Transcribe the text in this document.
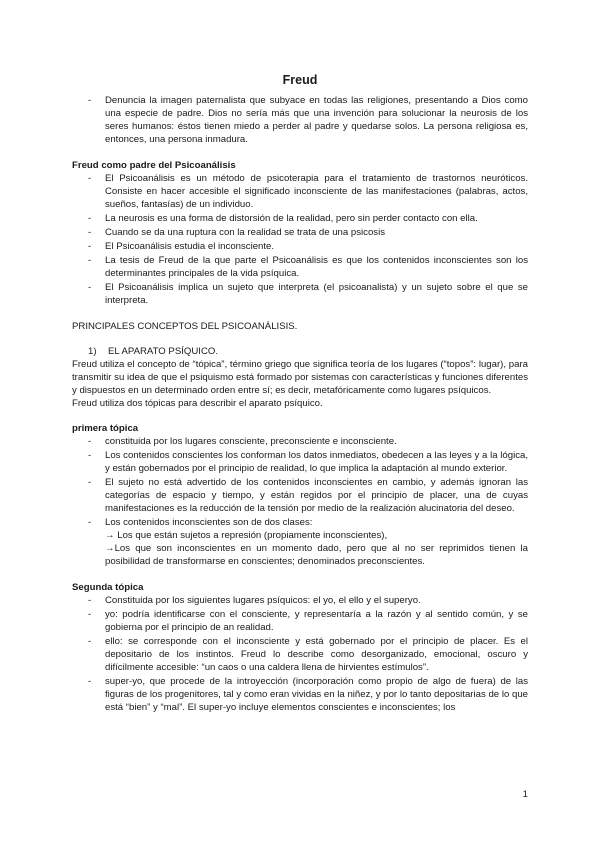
Freud
- Denuncia la imagen paternalista que subyace en todas las religiones, presentando a Dios como una especie de padre. Dios no sería más que una invención para solucionar la neurosis de los seres humanos: éstos tienen miedo a perder al padre y quedarse solos. La persona religiosa es, entonces, una persona inmadura.

Freud como padre del Psicoanálisis

- El Psicoanálisis es un método de psicoterapia para el tratamiento de trastornos neuróticos. Consiste en hacer accesible el significado inconsciente de las manifestaciones (palabras, actos, sueños, fantasías) de un individuo.
- La neurosis es una forma de distorsión de la realidad, pero sin perder contacto con ella.
- Cuando se da una ruptura con la realidad se trata de una psicosis
- El Psicoanálisis estudia el inconsciente.
- La tesis de Freud de la que parte el Psicoanálisis es que los contenidos inconscientes son los determinantes principales de la vida psíquica.
- El Psicoanálisis implica un sujeto que interpreta (el psicoanalista) y un sujeto sobre el que se interpreta.

PRINCIPALES CONCEPTOS DEL PSICOANÁLISIS.

1) EL APARATO PSÍQUICO.

Freud utiliza el concepto de “tópica”, término griego que significa teoría de los lugares (“topos”: lugar), para transmitir su idea de que el psiquismo está formado por sistemas con características y funciones diferentes y dispuestos en un determinado orden entre sí; es decir, metafóricamente como lugares psíquicos.

Freud utiliza dos tópicas para describir el aparato psíquico.

primera tópica

- constituida por los lugares consciente, preconsciente e inconsciente.
- Los contenidos conscientes los conforman los datos inmediatos, obedecen a las leyes y a la lógica, y están gobernados por el principio de realidad, lo que implica la adaptación al mundo exterior.
- El sujeto no está advertido de los contenidos inconscientes en cambio, y además ignoran las categorías de espacio y tiempo, y están regidos por el principio de placer, una de cuyas manifestaciones es la reducción de la tensión por medio de la realización alucinatoria del deseo.
- Los contenidos inconscientes son de dos clases:
→ Los que están sujetos a represión (propiamente inconscientes),
→Los que son inconscientes en un momento dado, pero que al no ser reprimidos tienen la posibilidad de transformarse en conscientes; denominados preconscientes.

Segunda tópica

- Constituida por los siguientes lugares psíquicos: el yo, el ello y el superyo.
- yo: podría identificarse con el consciente, y representaría a la razón y al sentido común, y se gobierna por el principio de an realidad.
- ello: se corresponde con el inconsciente y está gobernado por el principio de placer. Es el depositario de los instintos. Freud lo describe como desorganizado, emocional, oscuro y difícilmente accesible: “un caos o una caldera llena de hirvientes estímulos”.
- super-yo, que procede de la introyección (incorporación como propio de algo de fuera) de las figuras de los progenitores, tal y como eran vividas en la niñez, y por lo tanto depositarias de lo que está “bien” y “mal”. El super-yo incluye elementos conscientes e inconscientes; los
1
